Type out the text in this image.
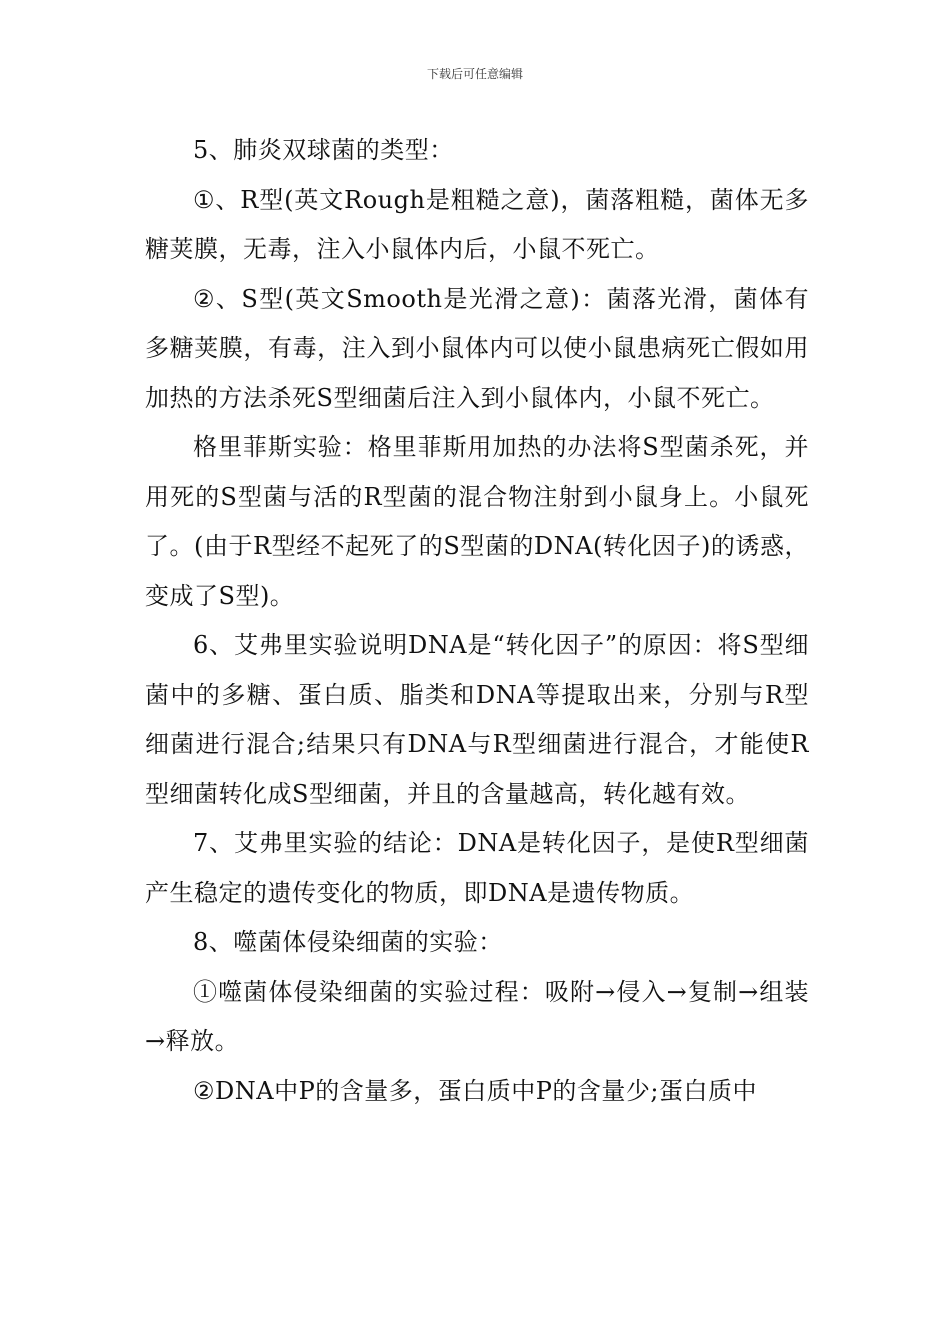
下载后可任意编辑

5、肺炎双球菌的类型：

①、R型(英文Rough是粗糙之意)，菌落粗糙，菌体无多糖荚膜，无毒，注入小鼠体内后，小鼠不死亡。

②、S型(英文Smooth是光滑之意)：菌落光滑，菌体有多糖荚膜，有毒，注入到小鼠体内可以使小鼠患病死亡假如用加热的方法杀死S型细菌后注入到小鼠体内，小鼠不死亡。

格里菲斯实验：格里菲斯用加热的办法将S型菌杀死，并用死的S型菌与活的R型菌的混合物注射到小鼠身上。小鼠死了。(由于R型经不起死了的S型菌的DNA(转化因子)的诱惑，变成了S型)。

6、艾弗里实验说明DNA是“转化因子”的原因：将S型细菌中的多糖、蛋白质、脂类和DNA等提取出来，分别与R型细菌进行混合;结果只有DNA与R型细菌进行混合，才能使R型细菌转化成S型细菌，并且的含量越高，转化越有效。

7、艾弗里实验的结论：DNA是转化因子，是使R型细菌产生稳定的遗传变化的物质，即DNA是遗传物质。

8、噬菌体侵染细菌的实验：

①噬菌体侵染细菌的实验过程：吸附→侵入→复制→组装→释放。

②DNA中P的含量多，蛋白质中P的含量少;蛋白质中
